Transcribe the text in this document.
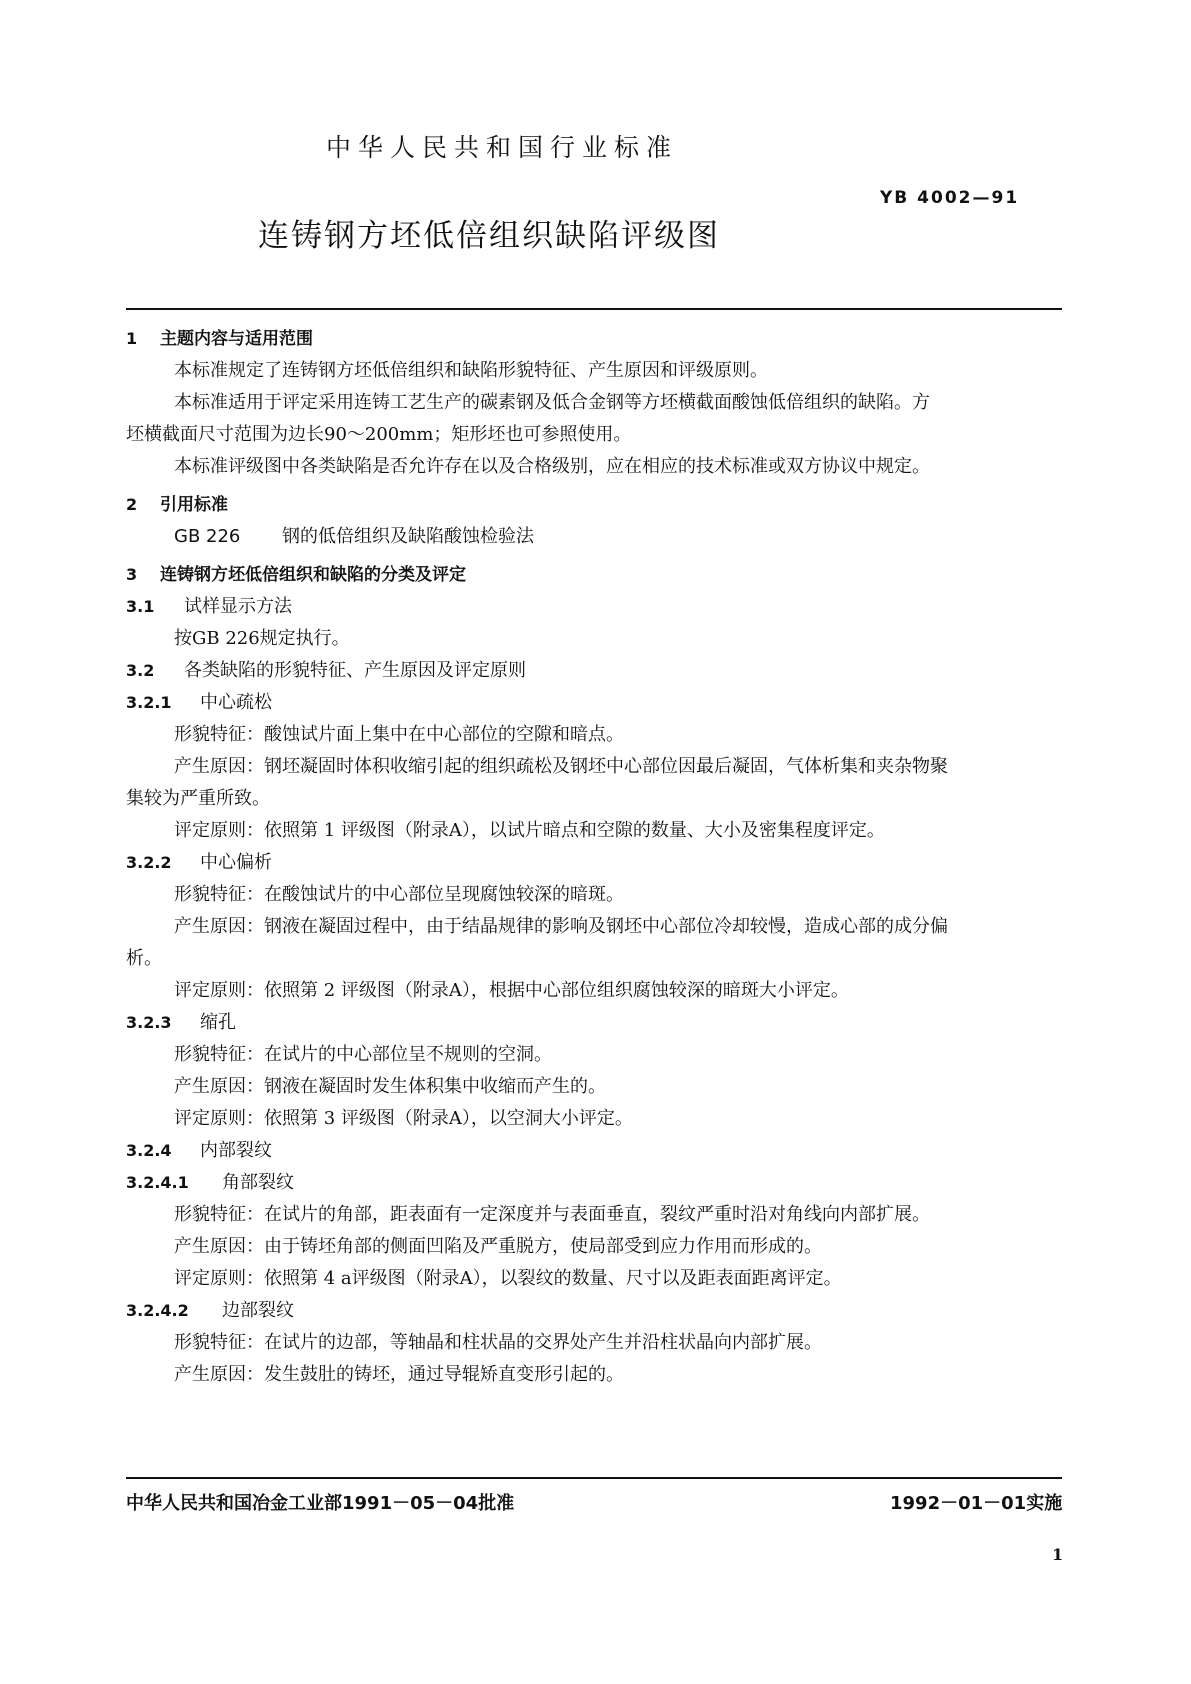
中华人民共和国行业标准
YB 4002—91
连铸钢方坯低倍组织缺陷评级图
1 主题内容与适用范围
本标准规定了连铸钢方坯低倍组织和缺陷形貌特征、产生原因和评级原则。
本标准适用于评定采用连铸工艺生产的碳素钢及低合金钢等方坯横截面酸蚀低倍组织的缺陷。方
坯横截面尺寸范围为边长90～200mm；矩形坯也可参照使用。
本标准评级图中各类缺陷是否允许存在以及合格级别，应在相应的技术标准或双方协议中规定。
2 引用标准
GB 226 钢的低倍组织及缺陷酸蚀检验法
3 连铸钢方坯低倍组织和缺陷的分类及评定
3.1 试样显示方法
按GB 226规定执行。
3.2 各类缺陷的形貌特征、产生原因及评定原则
3.2.1 中心疏松
形貌特征：酸蚀试片面上集中在中心部位的空隙和暗点。
产生原因：钢坯凝固时体积收缩引起的组织疏松及钢坯中心部位因最后凝固，气体析集和夹杂物聚
集较为严重所致。
评定原则：依照第 1 评级图（附录A），以试片暗点和空隙的数量、大小及密集程度评定。
3.2.2 中心偏析
形貌特征：在酸蚀试片的中心部位呈现腐蚀较深的暗斑。
产生原因：钢液在凝固过程中，由于结晶规律的影响及钢坯中心部位冷却较慢，造成心部的成分偏
析。
评定原则：依照第 2 评级图（附录A），根据中心部位组织腐蚀较深的暗斑大小评定。
3.2.3 缩孔
形貌特征：在试片的中心部位呈不规则的空洞。
产生原因：钢液在凝固时发生体积集中收缩而产生的。
评定原则：依照第 3 评级图（附录A），以空洞大小评定。
3.2.4 内部裂纹
3.2.4.1 角部裂纹
形貌特征：在试片的角部，距表面有一定深度并与表面垂直，裂纹严重时沿对角线向内部扩展。
产生原因：由于铸坯角部的侧面凹陷及严重脱方，使局部受到应力作用而形成的。
评定原则：依照第 4 a评级图（附录A），以裂纹的数量、尺寸以及距表面距离评定。
3.2.4.2 边部裂纹
形貌特征：在试片的边部，等轴晶和柱状晶的交界处产生并沿柱状晶向内部扩展。
产生原因：发生鼓肚的铸坯，通过导辊矫直变形引起的。
中华人民共和国冶金工业部1991－05－04批准	1992－01－01实施
1
